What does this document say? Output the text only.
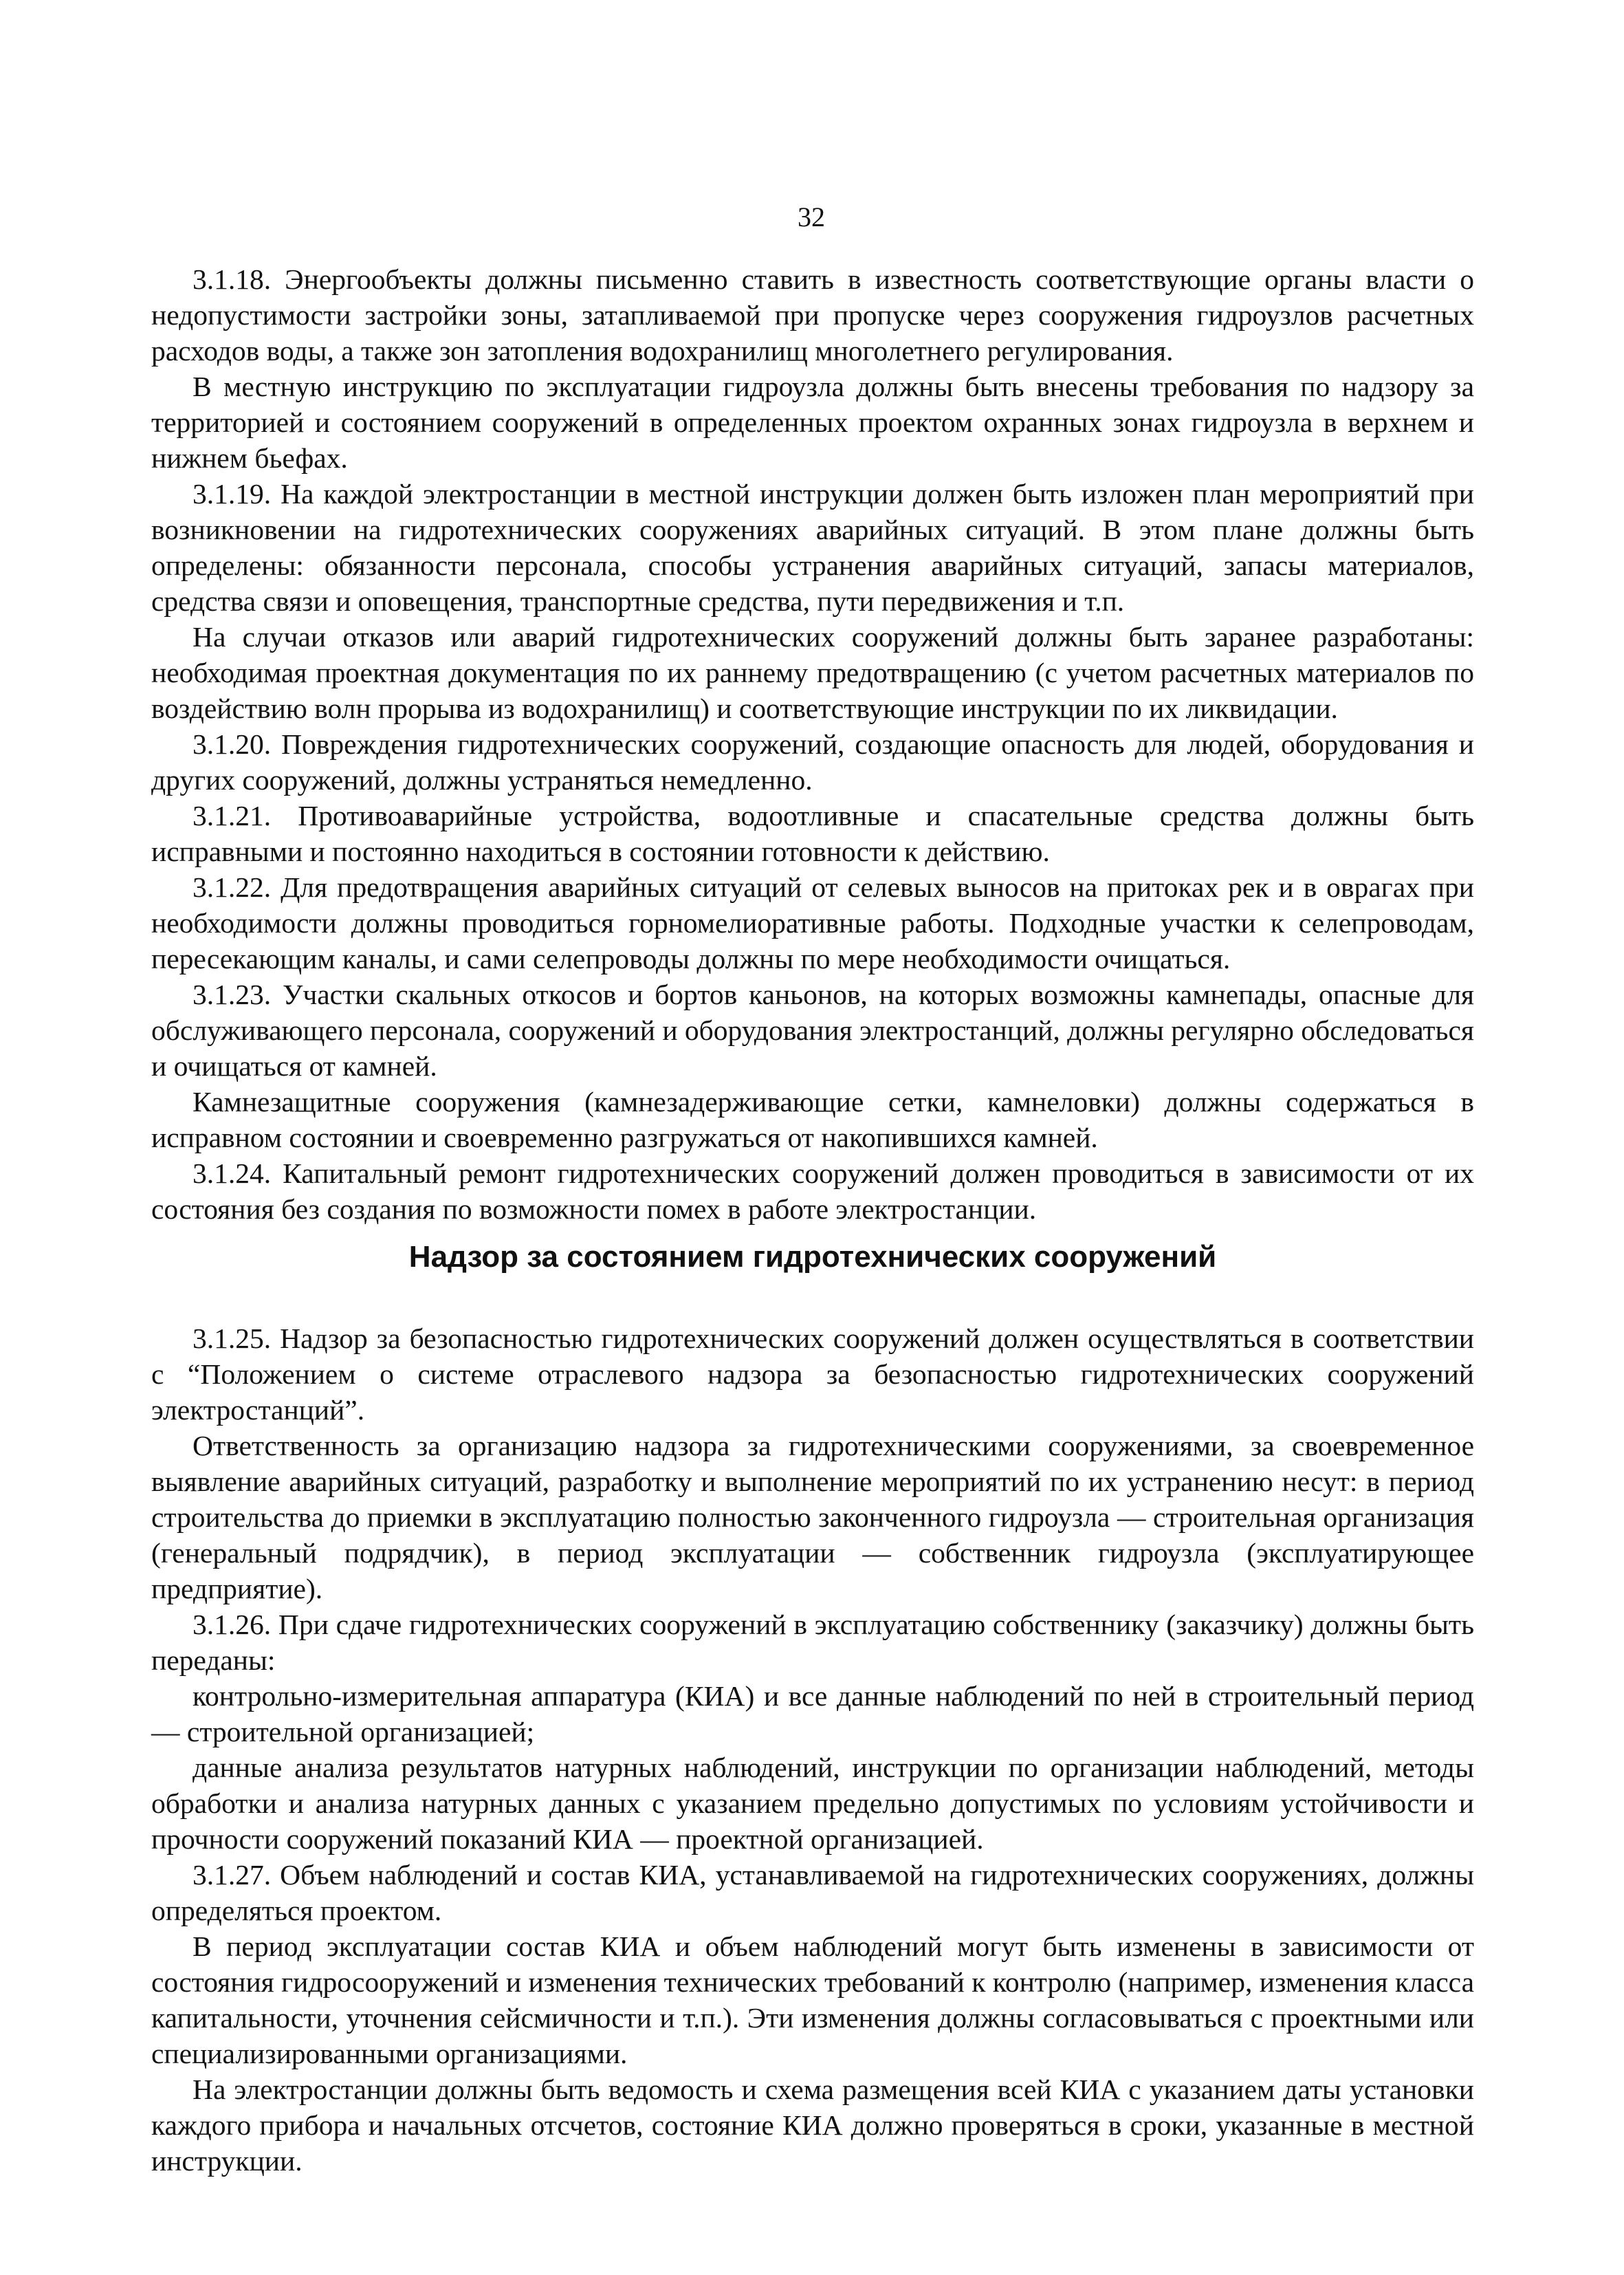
32

3.1.18. Энергообъекты должны письменно ставить в известность соответствующие органы власти о недопустимости застройки зоны, затапливаемой при пропуске через сооружения гидроузлов расчетных расходов воды, а также зон затопления водохранилищ многолетнего регулирования.

В местную инструкцию по эксплуатации гидроузла должны быть внесены требования по надзору за территорией и состоянием сооружений в определенных проектом охранных зонах гидроузла в верхнем и нижнем бьефах.

3.1.19. На каждой электростанции в местной инструкции должен быть изложен план мероприятий при возникновении на гидротехнических сооружениях аварийных ситуаций. В этом плане должны быть определены: обязанности персонала, способы устранения аварийных ситуаций, запасы материалов, средства связи и оповещения, транспортные средства, пути передвижения и т.п.

На случаи отказов или аварий гидротехнических сооружений должны быть заранее разработаны: необходимая проектная документация по их раннему предотвращению (с учетом расчетных материалов по воздействию волн прорыва из водохранилищ) и соответствующие инструкции по их ликвидации.

3.1.20. Повреждения гидротехнических сооружений, создающие опасность для людей, оборудования и других сооружений, должны устраняться немедленно.

3.1.21. Противоаварийные устройства, водоотливные и спасательные средства должны быть исправными и постоянно находиться в состоянии готовности к действию.

3.1.22. Для предотвращения аварийных ситуаций от селевых выносов на притоках рек и в оврагах при необходимости должны проводиться горномелиоративные работы. Подходные участки к селепроводам, пересекающим каналы, и сами селепроводы должны по мере необходимости очищаться.

3.1.23. Участки скальных откосов и бортов каньонов, на которых возможны камнепады, опасные для обслуживающего персонала, сооружений и оборудования электростанций, должны регулярно обследоваться и очищаться от камней.

Камнезащитные сооружения (камнезадерживающие сетки, камнеловки) должны содержаться в исправном состоянии и своевременно разгружаться от накопившихся камней.

3.1.24. Капитальный ремонт гидротехнических сооружений должен проводиться в зависимости от их состояния без создания по возможности помех в работе электростанции.

Надзор за состоянием гидротехнических сооружений

3.1.25. Надзор за безопасностью гидротехнических сооружений должен осуществляться в соответствии с “Положением о системе отраслевого надзора за безопасностью гидротехнических сооружений электростанций”.

Ответственность за организацию надзора за гидротехническими сооружениями, за своевременное выявление аварийных ситуаций, разработку и выполнение мероприятий по их устранению несут: в период строительства до приемки в эксплуатацию полностью законченного гидроузла — строительная организация (генеральный подрядчик), в период эксплуатации — собственник гидроузла (эксплуатирующее предприятие).

3.1.26. При сдаче гидротехнических сооружений в эксплуатацию собственнику (заказчику) должны быть переданы:

контрольно-измерительная аппаратура (КИА) и все данные наблюдений по ней в строительный период — строительной организацией;

данные анализа результатов натурных наблюдений, инструкции по организации наблюдений, методы обработки и анализа натурных данных с указанием предельно допустимых по условиям устойчивости и прочности сооружений показаний КИА — проектной организацией.

3.1.27. Объем наблюдений и состав КИА, устанавливаемой на гидротехнических сооружениях, должны определяться проектом.

В период эксплуатации состав КИА и объем наблюдений могут быть изменены в зависимости от состояния гидросооружений и изменения технических требований к контролю (например, изменения класса капитальности, уточнения сейсмичности и т.п.). Эти изменения должны согласовываться с проектными или специализированными организациями.

На электростанции должны быть ведомость и схема размещения всей КИА с указанием даты установки каждого прибора и начальных отсчетов, состояние КИА должно проверяться в сроки, указанные в местной инструкции.
